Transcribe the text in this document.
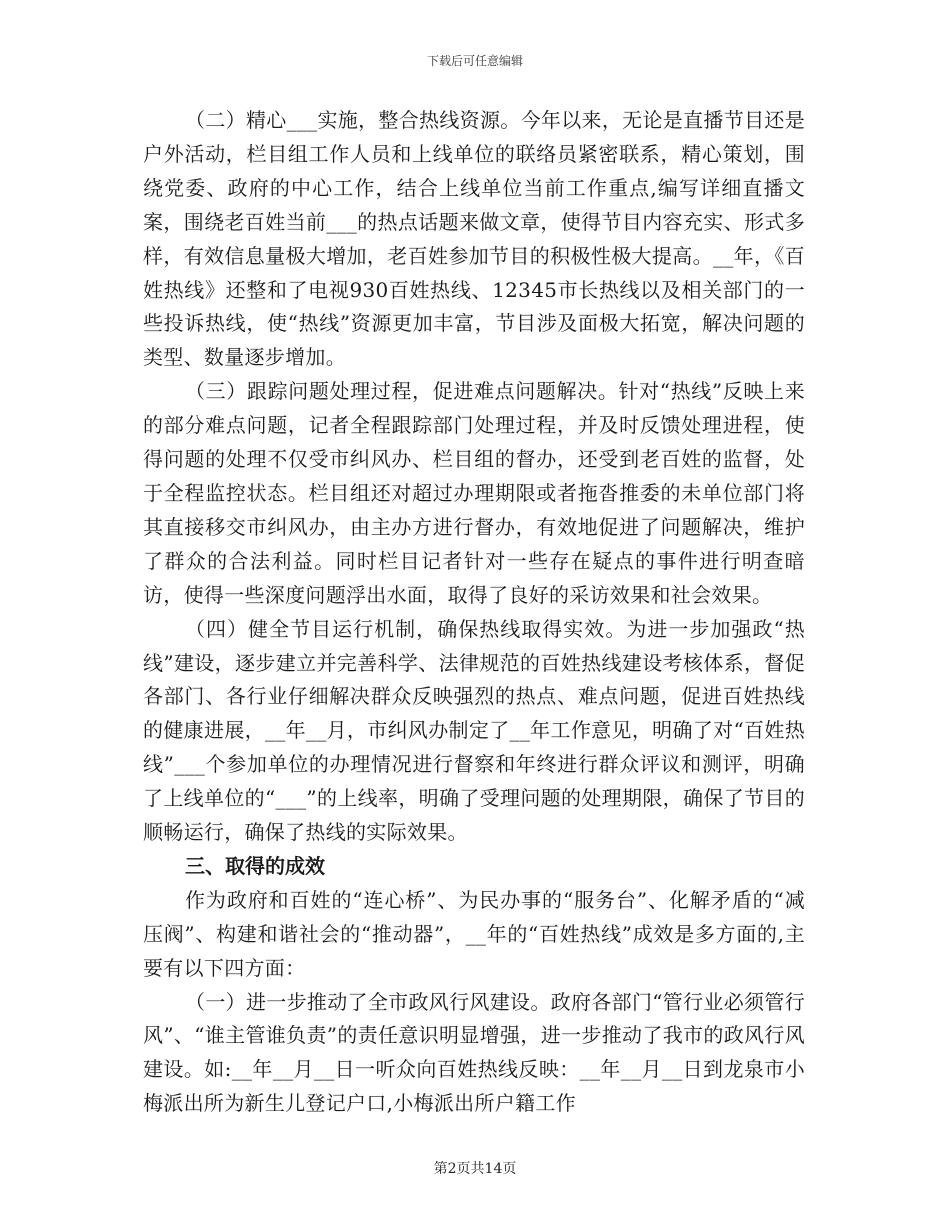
下载后可任意编辑

（二）精心___实施，整合热线资源。今年以来，无论是直播节目还是户外活动，栏目组工作人员和上线单位的联络员紧密联系，精心策划，围绕党委、政府的中心工作，结合上线单位当前工作重点,编写详细直播文案，围绕老百姓当前___的热点话题来做文章，使得节目内容充实、形式多样，有效信息量极大增加，老百姓参加节目的积极性极大提高。__年，《百姓热线》还整和了电视930百姓热线、12345市长热线以及相关部门的一些投诉热线，使“热线”资源更加丰富，节目涉及面极大拓宽，解决问题的类型、数量逐步增加。

（三）跟踪问题处理过程，促进难点问题解决。针对“热线”反映上来的部分难点问题，记者全程跟踪部门处理过程，并及时反馈处理进程，使得问题的处理不仅受市纠风办、栏目组的督办，还受到老百姓的监督，处于全程监控状态。栏目组还对超过办理期限或者拖沓推委的未单位部门将其直接移交市纠风办，由主办方进行督办，有效地促进了问题解决，维护了群众的合法利益。同时栏目记者针对一些存在疑点的事件进行明查暗访，使得一些深度问题浮出水面，取得了良好的采访效果和社会效果。

（四）健全节目运行机制，确保热线取得实效。为进一步加强政“热线”建设，逐步建立并完善科学、法律规范的百姓热线建设考核体系，督促各部门、各行业仔细解决群众反映强烈的热点、难点问题，促进百姓热线的健康进展，__年__月，市纠风办制定了__年工作意见，明确了对“百姓热线”___个参加单位的办理情况进行督察和年终进行群众评议和测评，明确了上线单位的“___”的上线率，明确了受理问题的处理期限，确保了节目的顺畅运行，确保了热线的实际效果。

三、取得的成效

作为政府和百姓的“连心桥”、为民办事的“服务台”、化解矛盾的“减压阀”、构建和谐社会的“推动器”，__年的“百姓热线”成效是多方面的,主要有以下四方面：

（一）进一步推动了全市政风行风建设。政府各部门“管行业必须管行风”、“谁主管谁负责”的责任意识明显增强，进一步推动了我市的政风行风建设。如:__年__月__日一听众向百姓热线反映：__年__月__日到龙泉市小梅派出所为新生儿登记户口,小梅派出所户籍工作

第2页共14页
